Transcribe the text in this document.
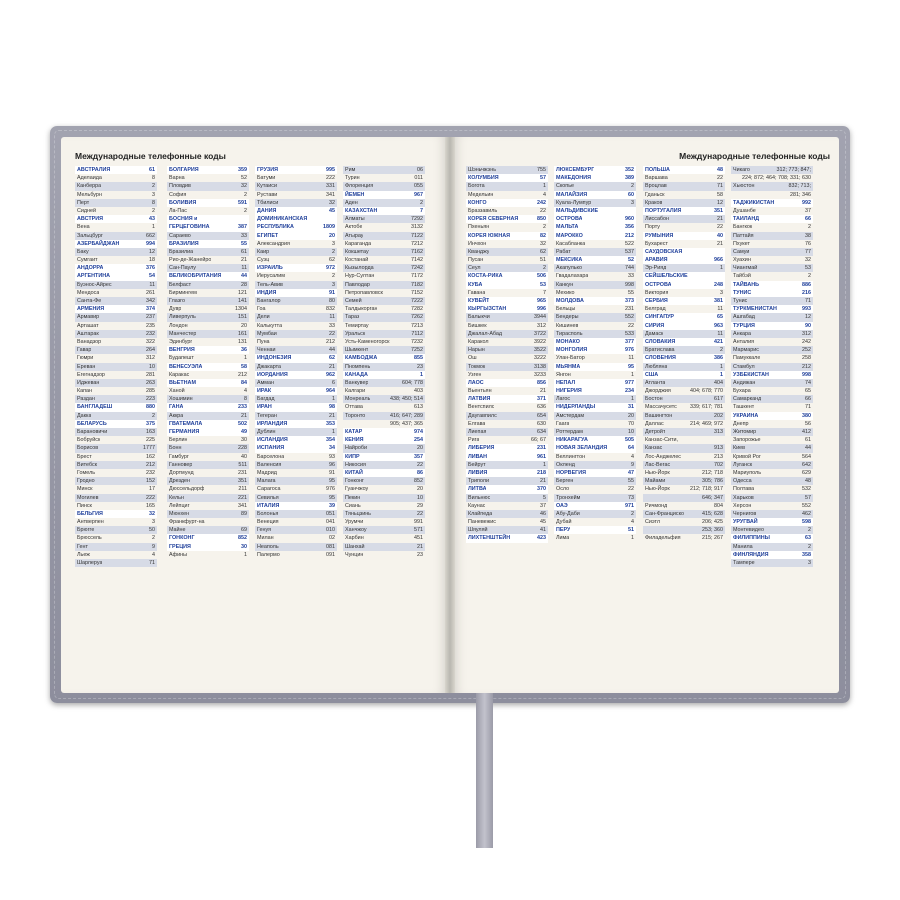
Международные телефонные коды	Международные телефонные коды
АВСТРАЛИЯ	61
Аделаида	8
Канберра	2
Мельбурн	3
Перт	8
Сидней	2
АВСТРИЯ	43
Вена	1
Зальцбург	662
АЗЕРБАЙДЖАН	994
Баку	12
Сумгаит	18
АНДОРРА	376
АРГЕНТИНА	54
Буэнос-Айрес	11
Мендоса	261
Санта-Фе	342
АРМЕНИЯ	374
Армавир	237
Арташат	235
Аштарак	232
Ванадзор	322
Гавар	264
Гюмри	312
Ереван	10
Егегнадзор	281
Иджеван	263
Капан	285
Раздан	223
БАНГЛАДЕШ	880
Дакка	2
БЕЛАРУСЬ	375
Барановичи	163
Бобруйск	225
Борисов	1777
Брест	162
Витебск	212
Гомель	232
Гродно	152
Минск	17
Могилев	222
Пинск	165
БЕЛЬГИЯ	32
Антверпен	3
Брюгге	50
Брюссель	2
Гент	9
Льеж	4
Шарлеруа	71
БОЛГАРИЯ	359
Варна	52
Пловдив	32
София	2
БОЛИВИЯ	591
Ла-Пас	2
БОСНИЯ и
ГЕРЦЕГОВИНА	387
Сараево	33
БРАЗИЛИЯ	55
Бразилиа	61
Рио-де-Жанейро	21
Сан-Паулу	11
ВЕЛИКОБРИТАНИЯ	44
Белфаст	28
Бирмингем	121
Глазго	141
Дувр	1304
Ливерпуль	151
Лондон	20
Манчестер	161
Эдинбург	131
ВЕНГРИЯ	36
Будапешт	1
ВЕНЕСУЭЛА	58
Каракас	212
ВЬЕТНАМ	84
Ханой	4
Хошимин	8
ГАНА	233
Аккра	21
ГВАТЕМАЛА	502
ГЕРМАНИЯ	49
Берлин	30
Бонн	228
Гамбург	40
Ганновер	511
Дортмунд	231
Дрезден	351
Дюссельдорф	211
Кельн	221
Лейпциг	341
Мюнхен	89
Франкфурт-на
Майне	69
ГОНКОНГ	852
ГРЕЦИЯ	30
Афины	1
ГРУЗИЯ	995
Батуми	222
Кутаиси	331
Рустави	341
Тбилиси	32
ДАНИЯ	45
ДОМИНИКАНСКАЯ
РЕСПУБЛИКА	1809
ЕГИПЕТ	20
Александрия	3
Каир	2
Суэц	62
ИЗРАИЛЬ	972
Иерусалим	2
Тель-Авив	3
ИНДИЯ	91
Бангалор	80
Гоа	832
Дели	11
Калькутта	33
Мумбаи	22
Пуна	212
Ченнаи	44
ИНДОНЕЗИЯ	62
Джакарта	21
ИОРДАНИЯ	962
Амман	6
ИРАК	964
Багдад	1
ИРАН	98
Тегеран	21
ИРЛАНДИЯ	353
Дублин	1
ИСЛАНДИЯ	354
ИСПАНИЯ	34
Барселона	93
Валенсия	96
Мадрид	91
Малага	95
Сарагоса	976
Севилья	95
ИТАЛИЯ	39
Болонья	051
Венеция	041
Генуя	010
Милан	02
Неаполь	081
Палермо	091
Рим	06
Турин	011
Флоренция	055
ЙЕМЕН	967
Аден	2
КАЗАХСТАН	7
Алматы	7292
Актобе	3132
Атырау	7122
Караганда	7212
Кокшетау	7162
Костанай	7142
Кызылорда	7242
Нур-Султан	7172
Павлодар	7182
Петропавловск	7152
Семей	7222
Талдыкорган	7282
Тараз	7262
Темиртау	7213
Уральск	7112
Усть-Каменогорск	7232
Шымкент	7252
КАМБОДЖА	855
Пномпень	23
КАНАДА	1
Ванкувер	604; 778
Калгари	403
Монреаль	438; 450; 514
Оттава	613
Торонто	416; 647; 289
905; 437; 365
КАТАР	974
КЕНИЯ	254
Найроби	20
КИПР	357
Никосия	22
КИТАЙ	86
Гонконг	852
Гуанчжоу	20
Пекин	10
Сиань	29
Тяньцзинь	22
Урумчи	991
Ханчжоу	571
Харбин	451
Шанхай	21
Чунцин	23
Шэньчжэнь	755
КОЛУМБИЯ	57
Богота	1
Медельин	4
КОНГО	242
Браззавиль	22
КОРЕЯ СЕВЕРНАЯ	850
Пхеньян	2
КОРЕЯ ЮЖНАЯ	82
Инчхон	32
Кванджу	62
Пусан	51
Сеул	2
КОСТА-РИКА	506
КУБА	53
Гавана	7
КУВЕЙТ	965
КЫРГЫЗСТАН	996
Балыкчи	3944
Бишкек	312
Джалал-Абад	3722
Каракол	3922
Нарын	3522
Ош	3222
Токмок	3138
Узген	3233
ЛАОС	856
Вьентьян	21
ЛАТВИЯ	371
Вентспилс	636
Даугавпилс	654
Елгава	630
Лиепая	634
Рига	66; 67
ЛИБЕРИЯ	231
ЛИВАН	961
Бейрут	1
ЛИВИЯ	218
Триполи	21
ЛИТВА	370
Вильнюс	5
Каунас	37
Клайпеда	46
Паневежис	45
Шяуляй	41
ЛИХТЕНШТЕЙН	423
ЛЮКСЕМБУРГ	352
МАКЕДОНИЯ	389
Скопье	2
МАЛАЙЗИЯ	60
Куала-Лумпур	3
МАЛЬДИВСКИЕ
ОСТРОВА	960
МАЛЬТА	356
МАРОККО	212
Касабланка	522
Рабат	537
МЕКСИКА	52
Акапулько	744
Гвадалахара	33
Канкун	998
Мехико	55
МОЛДОВА	373
Бельцы	231
Бендеры	552
Кишинев	22
Тирасполь	533
МОНАКО	377
МОНГОЛИЯ	976
Улан-Батор	11
МЬЯНМА	95
Янгон	1
НЕПАЛ	977
НИГЕРИЯ	234
Лагос	1
НИДЕРЛАНДЫ	31
Амстердам	20
Гаага	70
Роттердам	10
НИКАРАГУА	505
НОВАЯ ЗЕЛАНДИЯ	64
Веллингтон	4
Окленд	9
НОРВЕГИЯ	47
Берген	55
Осло	22
Тронхейм	73
ОАЭ	971
Абу-Даби	2
Дубай	4
ПЕРУ	51
Лима	1
ПОЛЬША	48
Варшава	22
Вроцлав	71
Гданьск	58
Краков	12
ПОРТУГАЛИЯ	351
Лиссабон	21
Порту	22
РУМЫНИЯ	40
Бухарест	21
САУДОВСКАЯ
АРАВИЯ	966
Эр-Рияд	1
СЕЙШЕЛЬСКИЕ
ОСТРОВА	248
Виктория	3
СЕРБИЯ	381
Белград	11
СИНГАПУР	65
СИРИЯ	963
Дамаск	11
СЛОВАКИЯ	421
Братислава	2
СЛОВЕНИЯ	386
Любляна	1
США	1
Атланта	404
Джорджия	404; 678; 770
Бостон	617
Массачусетс	339; 617; 781
Вашингтон	202
Даллас	214; 469; 972
Детройт	313
Канзас-Сити,
Канзас	913
Лос-Анджелес	213
Лас-Вегас	702
Нью-Йорк	212; 718
Майами	305; 786
Нью-Йорк	212; 718; 917
646; 347
Ричмонд	804
Сан-Франциско	415; 628
Сиэтл	206; 425
253; 360
Филадельфия	215; 267
Чикаго	312; 773; 847;
224; 872; 464; 708; 331; 630
Хьюстон	832; 713;
281; 346
ТАДЖИКИСТАН	992
Душанбе	37
ТАИЛАНД	66
Бангкок	2
Паттайя	38
Пхукет	76
Самуи	77
Хуахин	32
Чиангмай	53
Тайбэй	2
ТАЙВАНЬ	886
ТУНИС	216
Тунис	71
ТУРКМЕНИСТАН	993
Ашгабад	12
ТУРЦИЯ	90
Анкара	312
Анталия	242
Мармарис	252
Памуккале	258
Стамбул	212
УЗБЕКИСТАН	998
Андижан	74
Бухара	65
Самарканд	66
Ташкент	71
УКРАИНА	380
Днепр	56
Житомир	412
Запорожье	61
Киев	44
Кривой Рог	564
Луганск	642
Мариуполь	629
Одесса	48
Полтава	532
Харьков	57
Херсон	552
Чернигов	462
УРУГВАЙ	598
Монтевидео	2
ФИЛИППИНЫ	63
Манила	2
ФИНЛЯНДИЯ	358
Тампере	3
